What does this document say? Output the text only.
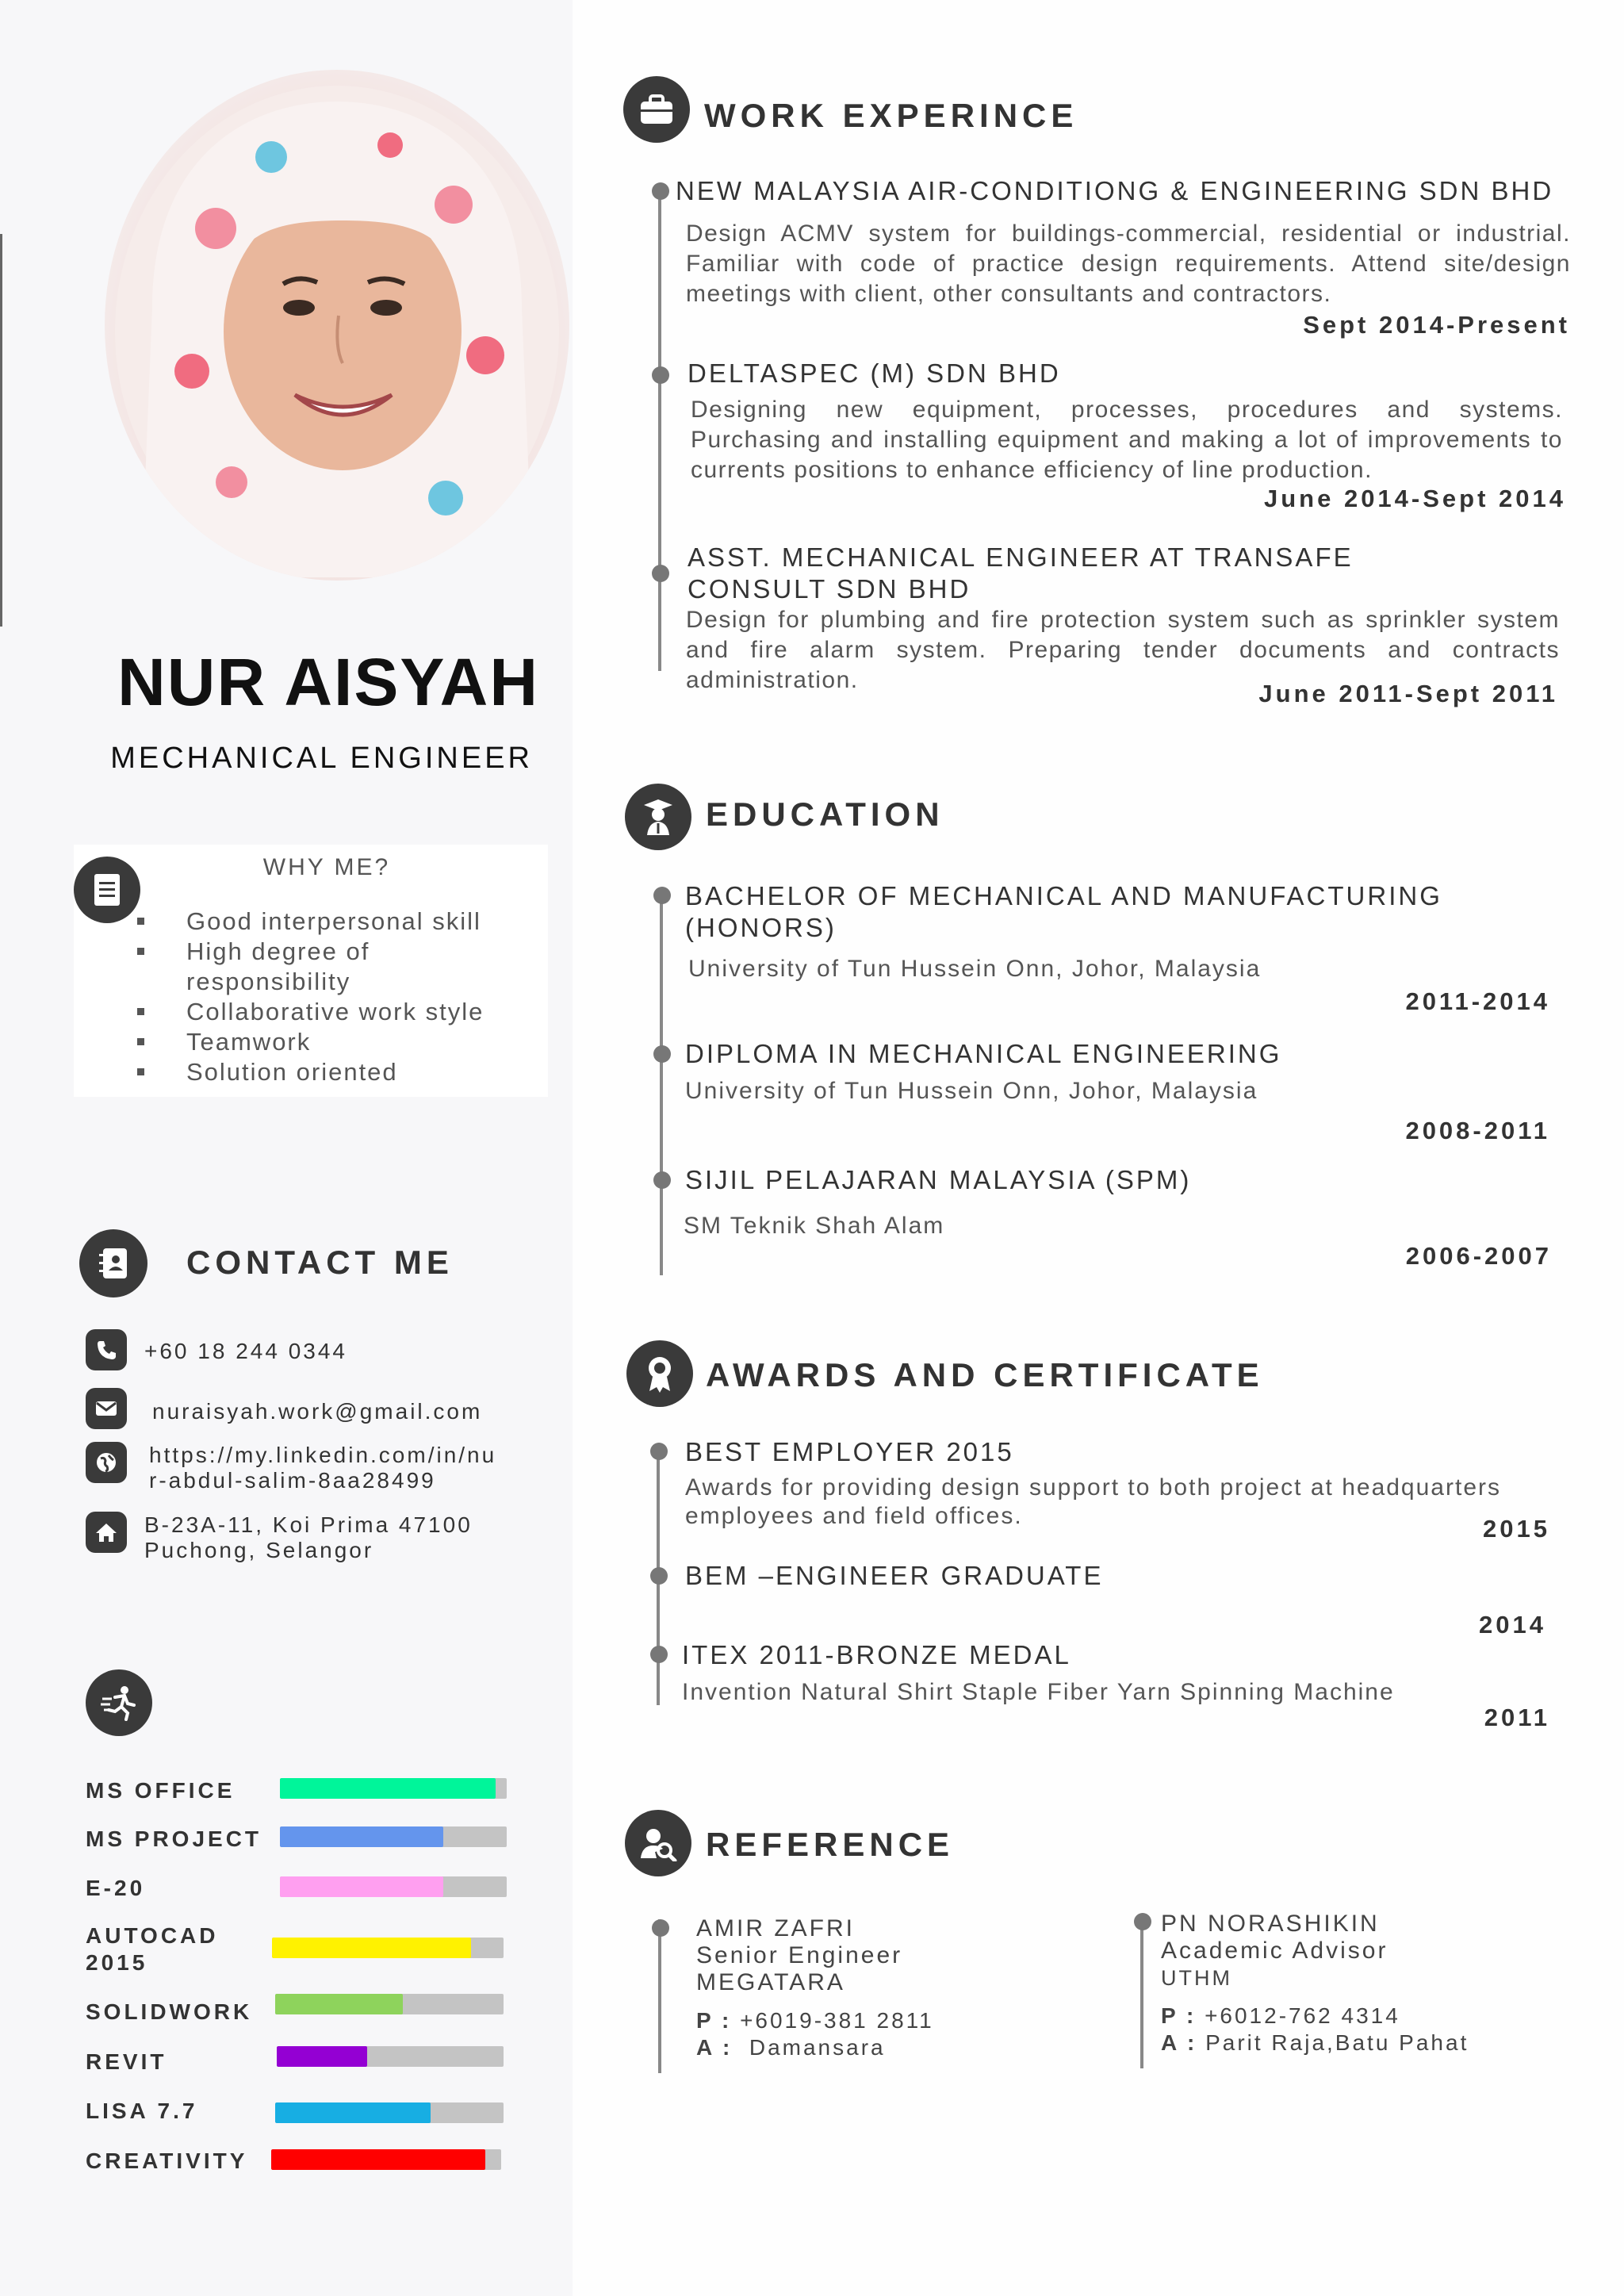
NUR AISYAH
MECHANICAL ENGINEER
WHY ME?
Good interpersonal skill
High degree of responsibility
Collaborative work style
Teamwork
Solution oriented
CONTACT ME
+60 18 244 0344
nuraisyah.work@gmail.com
https://my.linkedin.com/in/nu
r-abdul-salim-8aa28499
B-23A-11, Koi Prima 47100
Puchong, Selangor
MS OFFICE
MS PROJECT
E-20
AUTOCAD 2015
SOLIDWORK
REVIT
LISA 7.7
CREATIVITY
WORK EXPERINCE
NEW MALAYSIA AIR-CONDITIONG & ENGINEERING SDN BHD
Design ACMV system for buildings-commercial, residential or industrial. Familiar with code of practice design requirements. Attend site/design meetings with client, other consultants and contractors.
Sept 2014-Present
DELTASPEC (M) SDN BHD
Designing new equipment, processes, procedures and systems. Purchasing and installing equipment and making a lot of improvements to currents positions to enhance efficiency of line production.
June 2014-Sept 2014
ASST. MECHANICAL ENGINEER AT TRANSAFE CONSULT SDN BHD
Design for plumbing and fire protection system such as sprinkler system and fire alarm system. Preparing tender documents and contracts administration.	June 2011-Sept 2011
EDUCATION
BACHELOR OF MECHANICAL AND MANUFACTURING (HONORS)
University of Tun Hussein Onn, Johor, Malaysia
2011-2014
DIPLOMA IN MECHANICAL ENGINEERING
University of Tun Hussein Onn, Johor, Malaysia
2008-2011
SIJIL PELAJARAN MALAYSIA (SPM)
SM Teknik Shah Alam
2006-2007
AWARDS AND CERTIFICATE
BEST EMPLOYER 2015
Awards for providing design support to both project at headquarters employees and field offices.	2015
BEM –ENGINEER GRADUATE
2014
ITEX 2011-BRONZE MEDAL
Invention Natural Shirt Staple Fiber Yarn Spinning Machine
2011
REFERENCE
AMIR ZAFRI
Senior Engineer
MEGATARA
P : +6019-381 2811
A : Damansara
PN NORASHIKIN
Academic Advisor
UTHM
P : +6012-762 4314
A : Parit Raja,Batu Pahat
